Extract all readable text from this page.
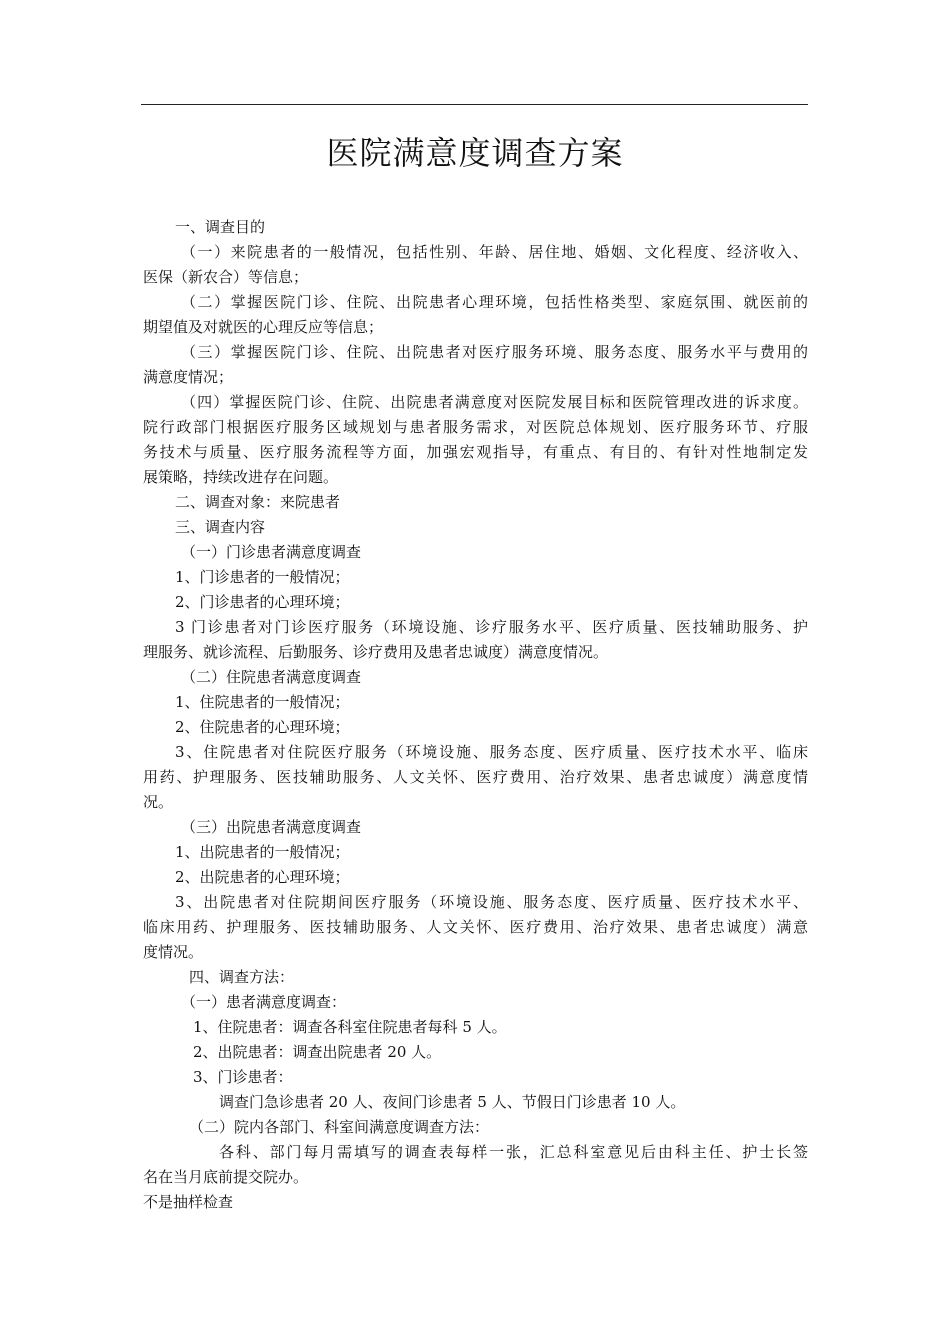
医院满意度调查方案
一、调查目的
（一）来院患者的一般情况，包括性别、年龄、居住地、婚姻、文化程度、经济收入、
医保（新农合）等信息；
（二）掌握医院门诊、住院、出院患者心理环境，包括性格类型、家庭氛围、就医前的
期望值及对就医的心理反应等信息；
（三）掌握医院门诊、住院、出院患者对医疗服务环境、服务态度、服务水平与费用的
满意度情况；
（四）掌握医院门诊、住院、出院患者满意度对医院发展目标和医院管理改进的诉求度。
院行政部门根据医疗服务区域规划与患者服务需求，对医院总体规划、医疗服务环节、疗服
务技术与质量、医疗服务流程等方面，加强宏观指导，有重点、有目的、有针对性地制定发
展策略，持续改进存在问题。
二、调查对象：来院患者
三、调查内容
（一）门诊患者满意度调查
1、门诊患者的一般情况；
2、门诊患者的心理环境；
3 门诊患者对门诊医疗服务（环境设施、诊疗服务水平、医疗质量、医技辅助服务、护
理服务、就诊流程、后勤服务、诊疗费用及患者忠诚度）满意度情况。
（二）住院患者满意度调查
1、住院患者的一般情况；
2、住院患者的心理环境；
3、住院患者对住院医疗服务（环境设施、服务态度、医疗质量、医疗技术水平、临床
用药、护理服务、医技辅助服务、人文关怀、医疗费用、治疗效果、患者忠诚度）满意度情
况。
（三）出院患者满意度调查
1、出院患者的一般情况；
2、出院患者的心理环境；
3、出院患者对住院期间医疗服务（环境设施、服务态度、医疗质量、医疗技术水平、
临床用药、护理服务、医技辅助服务、人文关怀、医疗费用、治疗效果、患者忠诚度）满意
度情况。
四、调查方法：
（一）患者满意度调查：
1、住院患者：调查各科室住院患者每科 5 人。
2、出院患者：调查出院患者 20 人。
3、门诊患者：
调查门急诊患者 20 人、夜间门诊患者 5 人、节假日门诊患者 10 人。
（二）院内各部门、科室间满意度调查方法：
各科、部门每月需填写的调查表每样一张，汇总科室意见后由科主任、护士长签
名在当月底前提交院办。
不是抽样检查
